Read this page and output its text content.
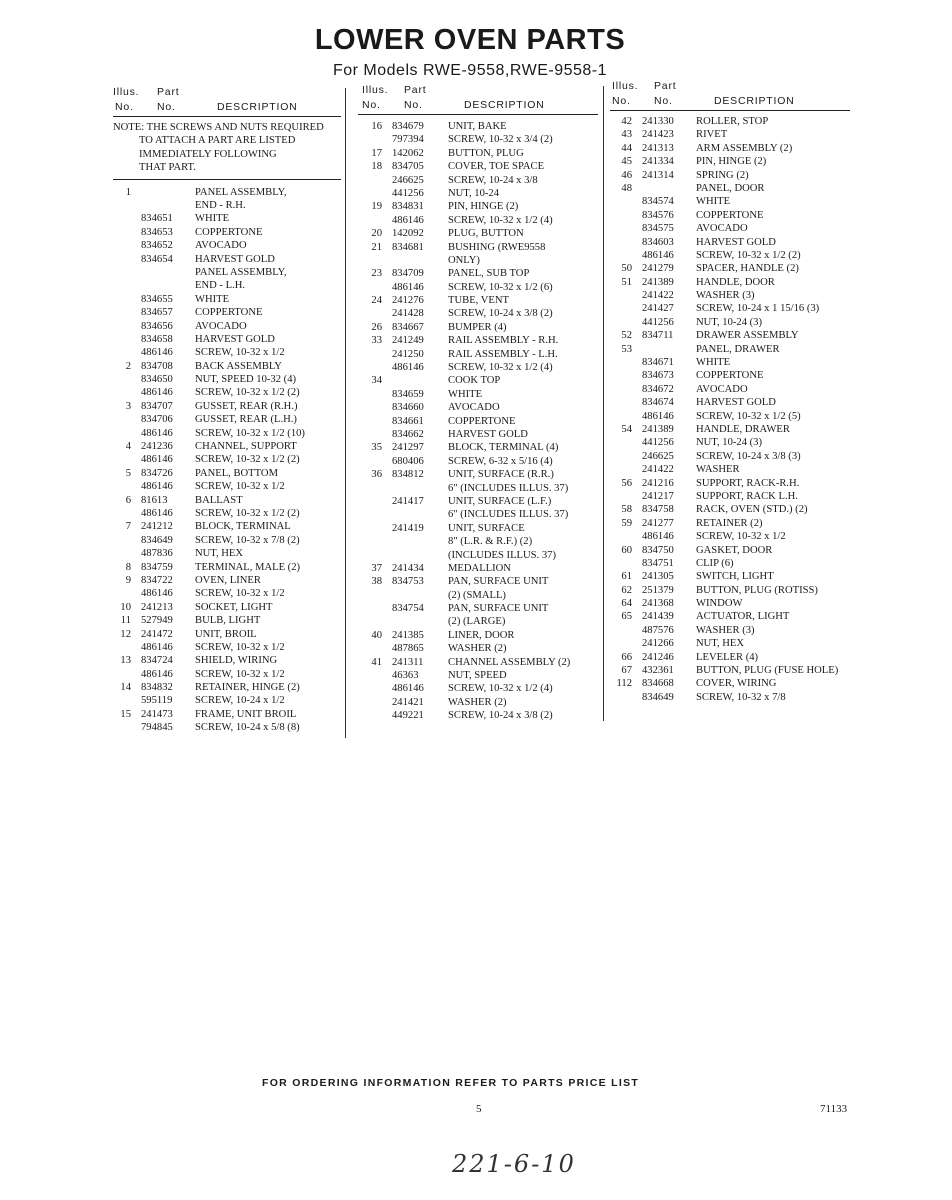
LOWER OVEN PARTS
For Models RWE-9558,RWE-9558-1
Illus. Part
No. No.	DESCRIPTION
NOTE: THE SCREWS AND NUTS REQUIRED
TO ATTACH A PART ARE LISTED
IMMEDIATELY FOLLOWING
THAT PART.
1	PANEL ASSEMBLY,
END - R.H.
834651 WHITE
834653 COPPERTONE
834652 AVOCADO
834654 HARVEST GOLD
PANEL ASSEMBLY,
END - L.H.
834655 WHITE
834657 COPPERTONE
834656 AVOCADO
834658 HARVEST GOLD
486146 SCREW, 10-32 x 1/2
2 834708 BACK ASSEMBLY
834650 NUT, SPEED 10-32 (4)
486146 SCREW, 10-32 x 1/2 (2)
3 834707 GUSSET, REAR (R.H.)
834706 GUSSET, REAR (L.H.)
486146 SCREW, 10-32 x 1/2 (10)
4 241236 CHANNEL, SUPPORT
486146 SCREW, 10-32 x 1/2 (2)
5 834726 PANEL, BOTTOM
486146 SCREW, 10-32 x 1/2
6 81613	BALLAST
486146 SCREW, 10-32 x 1/2 (2)
7 241212 BLOCK, TERMINAL
834649 SCREW, 10-32 x 7/8 (2)
487836 NUT, HEX
8 834759 TERMINAL, MALE (2)
9 834722 OVEN, LINER
486146 SCREW, 10-32 x 1/2
10 241213 SOCKET, LIGHT
11 527949 BULB, LIGHT
12 241472 UNIT, BROIL
486146 SCREW, 10-32 x 1/2
13 834724 SHIELD, WIRING
486146 SCREW, 10-32 x 1/2
14 834832 RETAINER, HINGE (2)
595119 SCREW, 10-24 x 1/2
15 241473 FRAME, UNIT BROIL
794845 SCREW, 10-24 x 5/8 (8)
Illus. Part
No. No.	DESCRIPTION
16 834679 UNIT, BAKE
797394 SCREW, 10-32 x 3/4 (2)
17 142062 BUTTON, PLUG
18 834705 COVER, TOE SPACE
246625 SCREW, 10-24 x 3/8
441256 NUT, 10-24
19 834831 PIN, HINGE (2)
486146 SCREW, 10-32 x 1/2 (4)
20 142092 PLUG, BUTTON
21 834681 BUSHING (RWE9558
ONLY)
23 834709 PANEL, SUB TOP
486146 SCREW, 10-32 x 1/2 (6)
24 241276 TUBE, VENT
241428 SCREW, 10-24 x 3/8 (2)
26 834667 BUMPER (4)
33 241249 RAIL ASSEMBLY - R.H.
241250 RAIL ASSEMBLY - L.H.
486146 SCREW, 10-32 x 1/2 (4)
34	COOK TOP
834659 WHITE
834660 AVOCADO
834661 COPPERTONE
834662 HARVEST GOLD
35 241297 BLOCK, TERMINAL (4)
680406 SCREW, 6-32 x 5/16 (4)
36 834812 UNIT, SURFACE (R.R.)
6" (INCLUDES ILLUS. 37)
241417 UNIT, SURFACE (L.F.)
6" (INCLUDES ILLUS. 37)
241419 UNIT, SURFACE
8" (L.R. & R.F.) (2)
(INCLUDES ILLUS. 37)
37 241434 MEDALLION
38 834753 PAN, SURFACE UNIT
(2) (SMALL)
834754 PAN, SURFACE UNIT
(2) (LARGE)
40 241385 LINER, DOOR
487865 WASHER (2)
41 241311 CHANNEL ASSEMBLY (2)
46363	NUT, SPEED
486146 SCREW, 10-32 x 1/2 (4)
241421 WASHER (2)
449221 SCREW, 10-24 x 3/8 (2)
Illus. Part
No. No.	DESCRIPTION
42 241330 ROLLER, STOP
43 241423 RIVET
44 241313 ARM ASSEMBLY (2)
45 241334 PIN, HINGE (2)
46 241314 SPRING (2)
48	PANEL, DOOR
834574 WHITE
834576 COPPERTONE
834575 AVOCADO
834603 HARVEST GOLD
486146 SCREW, 10-32 x 1/2 (2)
50 241279 SPACER, HANDLE (2)
51 241389 HANDLE, DOOR
241422 WASHER (3)
241427 SCREW, 10-24 x 1 15/16 (3)
441256 NUT, 10-24 (3)
52 834711 DRAWER ASSEMBLY
53	PANEL, DRAWER
834671 WHITE
834673 COPPERTONE
834672 AVOCADO
834674 HARVEST GOLD
486146 SCREW, 10-32 x 1/2 (5)
54 241389 HANDLE, DRAWER
441256 NUT, 10-24 (3)
246625 SCREW, 10-24 x 3/8 (3)
241422 WASHER
56 241216 SUPPORT, RACK-R.H.
241217 SUPPORT, RACK L.H.
58 834758 RACK, OVEN (STD.) (2)
59 241277 RETAINER (2)
486146 SCREW, 10-32 x 1/2
60 834750 GASKET, DOOR
834751 CLIP (6)
61 241305 SWITCH, LIGHT
62 251379 BUTTON, PLUG (ROTISS)
64 241368 WINDOW
65 241439 ACTUATOR, LIGHT
487576 WASHER (3)
241266 NUT, HEX
66 241246 LEVELER (4)
67 432361 BUTTON, PLUG (FUSE HOLE)
112 834668 COVER, WIRING
834649 SCREW, 10-32 x 7/8
FOR ORDERING INFORMATION REFER TO PARTS PRICE LIST
5	71133
221-6-10
